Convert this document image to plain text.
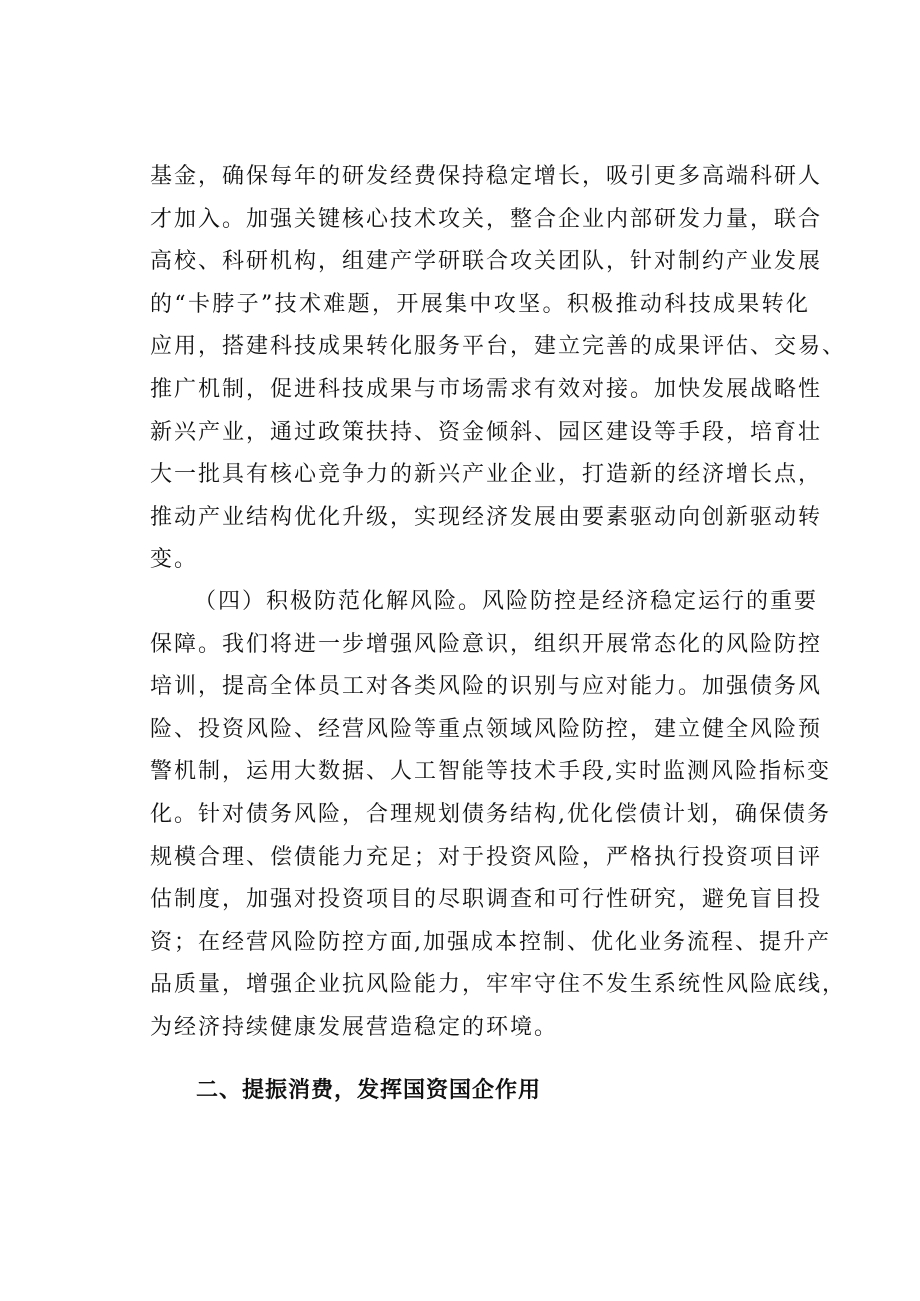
基金，确保每年的研发经费保持稳定增长，吸引更多高端科研人
才加入。加强关键核心技术攻关，整合企业内部研发力量，联合
高校、科研机构，组建产学研联合攻关团队，针对制约产业发展
的“卡脖子”技术难题，开展集中攻坚。积极推动科技成果转化
应用，搭建科技成果转化服务平台，建立完善的成果评估、交易、
推广机制，促进科技成果与市场需求有效对接。加快发展战略性
新兴产业，通过政策扶持、资金倾斜、园区建设等手段，培育壮
大一批具有核心竞争力的新兴产业企业，打造新的经济增长点，
推动产业结构优化升级，实现经济发展由要素驱动向创新驱动转
变。
（四）积极防范化解风险。风险防控是经济稳定运行的重要
保障。我们将进一步增强风险意识，组织开展常态化的风险防控
培训，提高全体员工对各类风险的识别与应对能力。加强债务风
险、投资风险、经营风险等重点领域风险防控，建立健全风险预
警机制，运用大数据、人工智能等技术手段,实时监测风险指标变
化。针对债务风险，合理规划债务结构,优化偿债计划，确保债务
规模合理、偿债能力充足；对于投资风险，严格执行投资项目评
估制度，加强对投资项目的尽职调查和可行性研究，避免盲目投
资；在经营风险防控方面,加强成本控制、优化业务流程、提升产
品质量，增强企业抗风险能力，牢牢守住不发生系统性风险底线，
为经济持续健康发展营造稳定的环境。
二、提振消费，发挥国资国企作用
